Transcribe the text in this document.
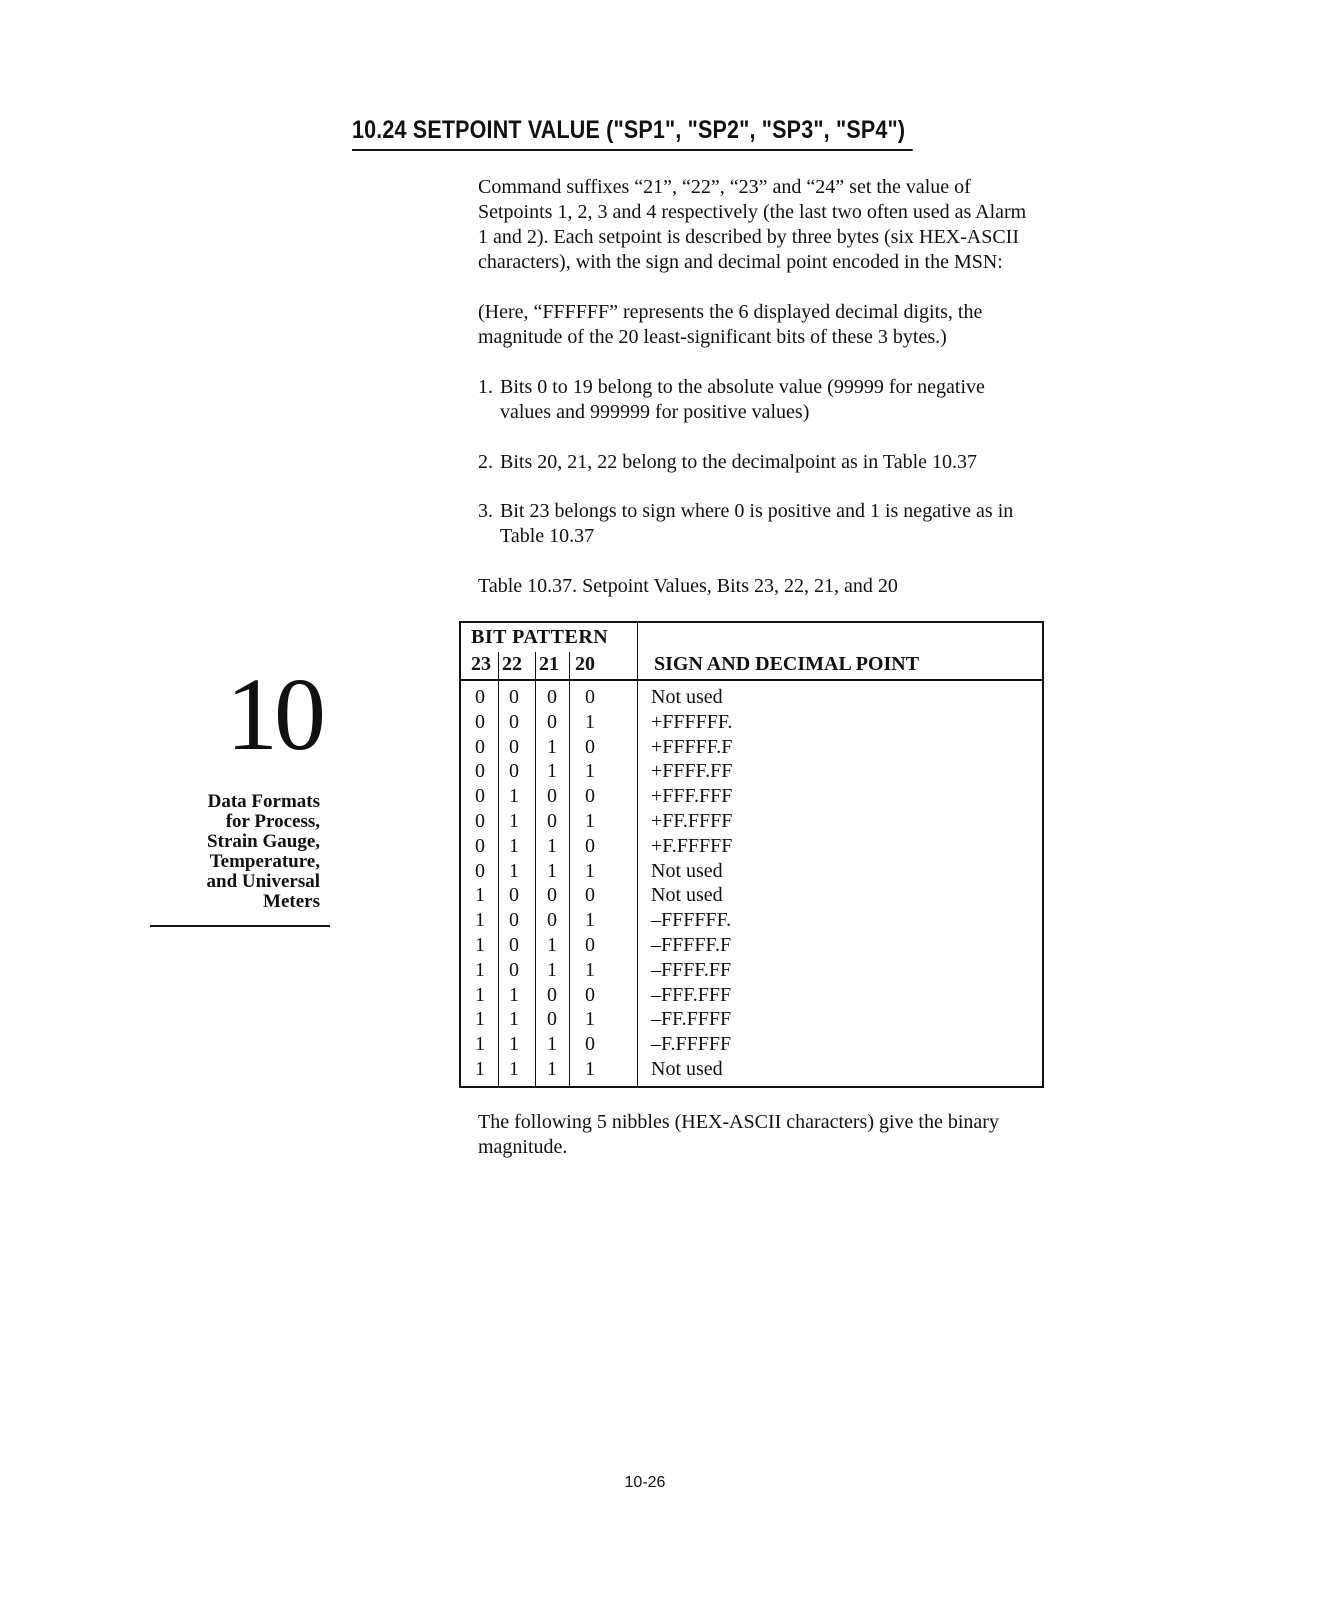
10.24 SETPOINT VALUE ("SP1", "SP2", "SP3", "SP4")

Command suffixes “21”, “22”, “23” and “24” set the value of
Setpoints 1, 2, 3 and 4 respectively (the last two often used as Alarm
1 and 2). Each setpoint is described by three bytes (six HEX-ASCII
characters), with the sign and decimal point encoded in the MSN:

(Here, “FFFFFF” represents the 6 displayed decimal digits, the
magnitude of the 20 least-significant bits of these 3 bytes.)

1. Bits 0 to 19 belong to the absolute value (99999 for negative
values and 999999 for positive values)
2. Bits 20, 21, 22 belong to the decimalpoint as in Table 10.37
3. Bit 23 belongs to sign where 0 is positive and 1 is negative as in
Table 10.37

Table 10.37. Setpoint Values, Bits 23, 22, 21, and 20

BIT PATTERN
23 22 21 20	SIGN AND DECIMAL POINT
0 0 0 0	Not used
0 0 0 1	+FFFFFF.
0 0 1 0	+FFFFF.F
0 0 1 1	+FFFF.FF
0 1 0 0	+FFF.FFF
0 1 0 1	+FF.FFFF
0 1 1 0	+F.FFFFF
0 1 1 1	Not used
1 0 0 0	Not used
1 0 0 1	–FFFFFF.
1 0 1 0	–FFFFF.F
1 0 1 1	–FFFF.FF
1 1 0 0	–FFF.FFF
1 1 0 1	–FF.FFFF
1 1 1 0	–F.FFFFF
1 1 1 1	Not used

The following 5 nibbles (HEX-ASCII characters) give the binary
magnitude.

10
Data Formats
for Process,
Strain Gauge,
Temperature,
and Universal
Meters
10-26
